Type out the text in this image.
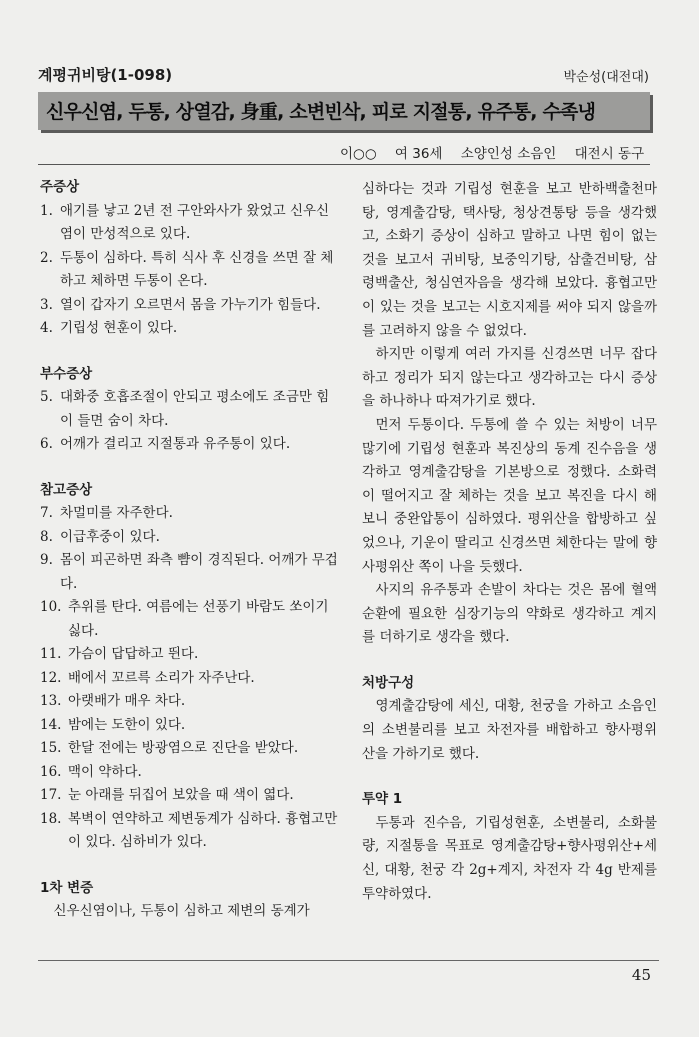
계평귀비탕(1-098)	박순성(대전대)
신우신염, 두통, 상열감, 身重, 소변빈삭, 피로 지절통, 유주통, 수족냉
이○○ 여 36세 소양인성 소음인 대전시 동구
주증상
1. 애기를 낳고 2년 전 구안와사가 왔었고 신우신염이 만성적으로 있다.
2. 두통이 심하다. 특히 식사 후 신경을 쓰면 잘 체하고 체하면 두통이 온다.
3. 열이 갑자기 오르면서 몸을 가누기가 힘들다.
4. 기립성 현훈이 있다.
부수증상
5. 대화중 호흡조절이 안되고 평소에도 조금만 힘이 들면 숨이 차다.
6. 어깨가 결리고 지절통과 유주통이 있다.
참고증상
7. 차멀미를 자주한다.
8. 이급후중이 있다.
9. 몸이 피곤하면 좌측 뺨이 경직된다. 어깨가 무겁다.
10. 추위를 탄다. 여름에는 선풍기 바람도 쏘이기 싫다.
11. 가슴이 답답하고 뛴다.
12. 배에서 꼬르륵 소리가 자주난다.
13. 아랫배가 매우 차다.
14. 밤에는 도한이 있다.
15. 한달 전에는 방광염으로 진단을 받았다.
16. 맥이 약하다.
17. 눈 아래를 뒤집어 보았을 때 색이 엷다.
18. 복벽이 연약하고 제변동계가 심하다. 흉협고만이 있다. 심하비가 있다.
1차 변증

신우신염이나, 두통이 심하고 제변의 동계가

심하다는 것과 기립성 현훈을 보고 반하백출천마탕, 영계출감탕, 택사탕, 청상견통탕 등을 생각했고, 소화기 증상이 심하고 말하고 나면 힘이 없는 것을 보고서 귀비탕, 보중익기탕, 삼출건비탕, 삼령백출산, 청심연자음을 생각해 보았다. 흉협고만이 있는 것을 보고는 시호지제를 써야 되지 않을까를 고려하지 않을 수 없었다.

하지만 이렇게 여러 가지를 신경쓰면 너무 잡다하고 정리가 되지 않는다고 생각하고는 다시 증상을 하나하나 따져가기로 했다.

먼저 두통이다. 두통에 쓸 수 있는 처방이 너무 많기에 기립성 현훈과 복진상의 동계 진수음을 생각하고 영계출감탕을 기본방으로 정했다. 소화력이 떨어지고 잘 체하는 것을 보고 복진을 다시 해보니 중완압통이 심하였다. 평위산을 합방하고 싶었으나, 기운이 딸리고 신경쓰면 체한다는 말에 향사평위산 쪽이 나을 듯했다.

사지의 유주통과 손발이 차다는 것은 몸에 혈액순환에 필요한 심장기능의 약화로 생각하고 계지를 더하기로 생각을 했다.

처방구성

영계출감탕에 세신, 대황, 천궁을 가하고 소음인의 소변불리를 보고 차전자를 배합하고 향사평위산을 가하기로 했다.

투약 1

두통과 진수음, 기립성현훈, 소변불리, 소화불량, 지절통을 목표로 영계출감탕+향사평위산+세신, 대황, 천궁 각 2g+계지, 차전자 각 4g 반제를 투약하였다.

45
